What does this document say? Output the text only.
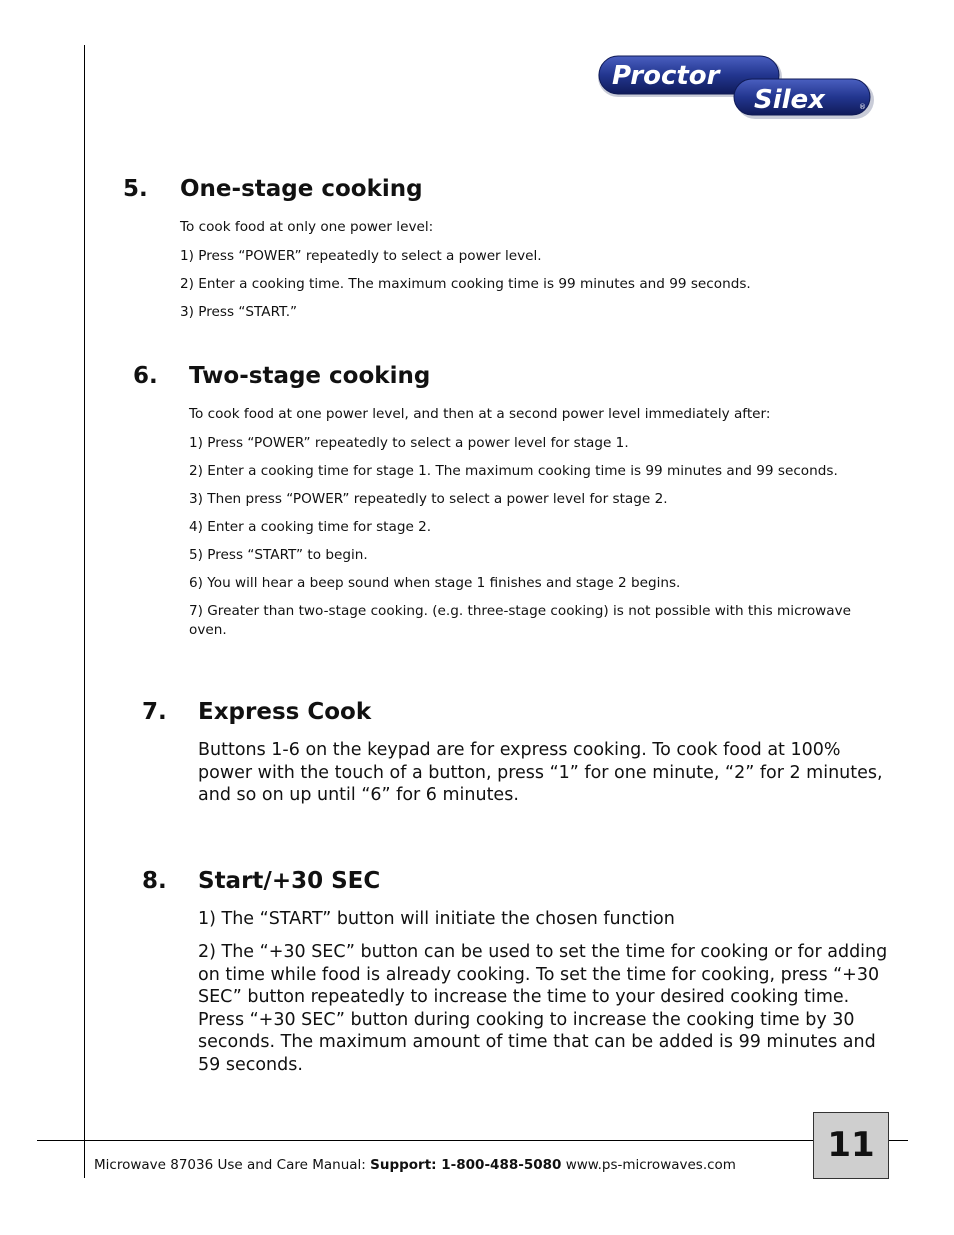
Proctor
Silex	®
5. One-stage cooking
To cook food at only one power level:
1) Press “POWER” repeatedly to select a power level.
2) Enter a cooking time. The maximum cooking time is 99 minutes and 99 seconds.
3) Press “START.”
6. Two-stage cooking
To cook food at one power level, and then at a second power level immediately after:
1) Press “POWER” repeatedly to select a power level for stage 1.
2) Enter a cooking time for stage 1. The maximum cooking time is 99 minutes and 99 seconds.
3) Then press “POWER” repeatedly to select a power level for stage 2.
4) Enter a cooking time for stage 2.
5) Press “START” to begin.
6) You will hear a beep sound when stage 1 finishes and stage 2 begins.
7) Greater than two-stage cooking. (e.g. three-stage cooking) is not possible with this microwave oven.
7. Express Cook
Buttons 1-6 on the keypad are for express cooking. To cook food at 100% power with the touch of a button, press “1” for one minute, “2” for 2 minutes, and so on up until “6” for 6 minutes.
8. Start/+30 SEC
1) The “START” button will initiate the chosen function
2) The “+30 SEC” button can be used to set the time for cooking or for adding on time while food is already cooking. To set the time for cooking, press “+30 SEC” button repeatedly to increase the time to your desired cooking time. Press “+30 SEC” button during cooking to increase the cooking time by 30 seconds. The maximum amount of time that can be added is 99 minutes and 59 seconds.
Microwave 87036 Use and Care Manual: Support: 1-800-488-5080 www.ps-microwaves.com	11
